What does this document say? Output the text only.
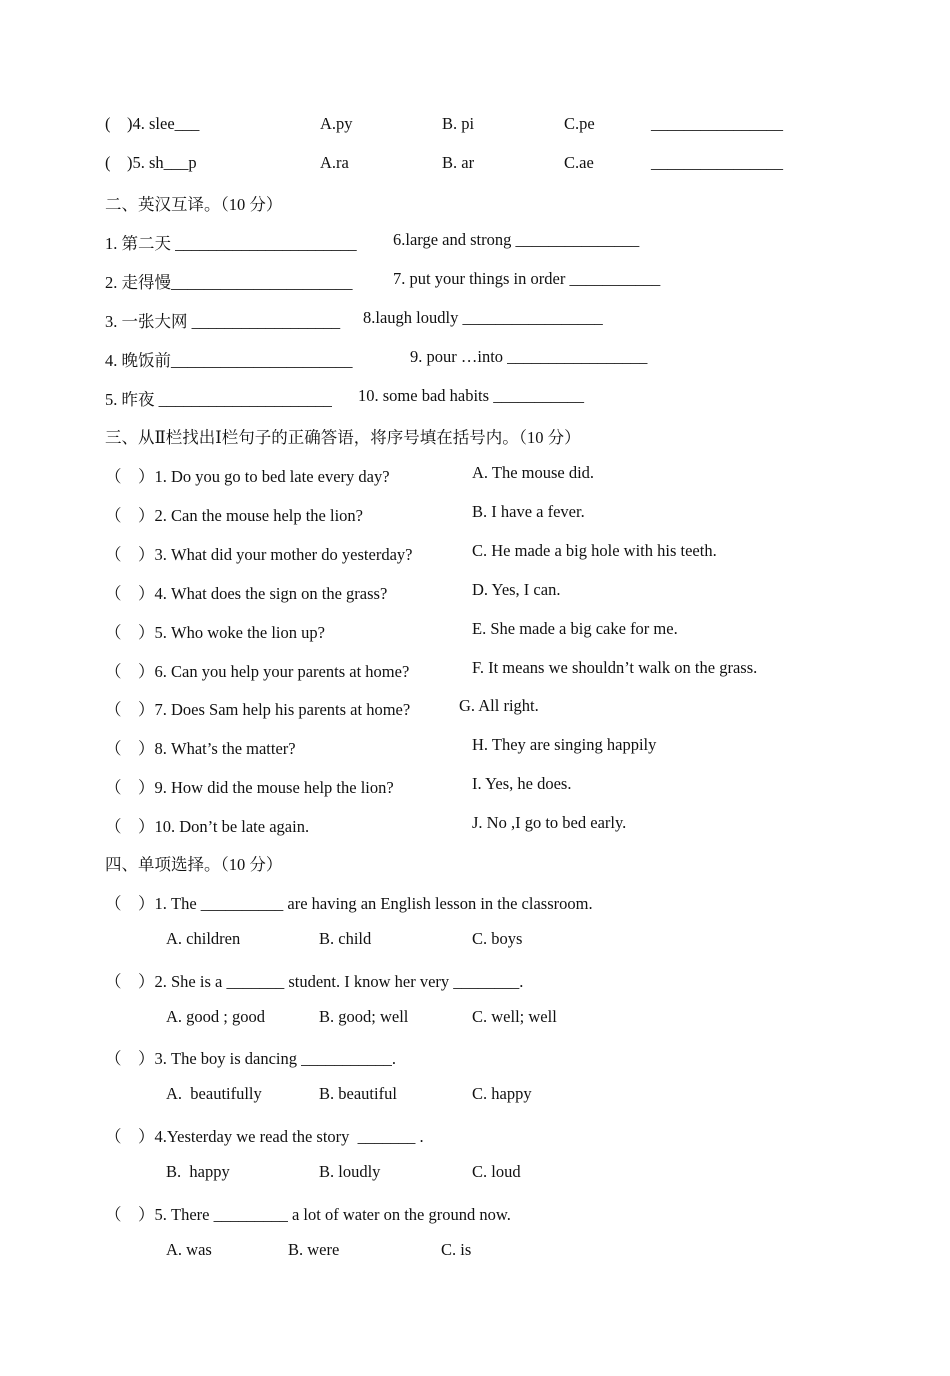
(    )4. slee___	A.py	B. pi	C.pe	________________
(    )5. sh___p	A.ra	B. ar	C.ae	________________
二、英汉互译。（10 分）
1. 第二天 ______________________ 6.large and strong _______________
2. 走得慢______________________ 7. put your things in order ___________
3. 一张大网 __________________ 8.laugh loudly _________________
4. 晚饭前______________________	9. pour …into _________________
5. 昨夜 _____________________ 10. some bad habits ___________
三、从Ⅱ栏找出Ⅰ栏句子的正确答语，将序号填在括号内。（10 分）
（    ）1. Do you go to bed late every day?	A. The mouse did.
（    ）2. Can the mouse help the lion?	B. I have a fever.
（    ）3. What did your mother do yesterday?	C. He made a big hole with his teeth.
（    ）4. What does the sign on the grass?	D. Yes, I can.
（    ）5. Who woke the lion up?	E. She made a big cake for me.
（    ）6. Can you help your parents at home?	F. It means we shouldn’t walk on the grass.
（    ）7. Does Sam help his parents at home?	G. All right.
（    ）8. What’s the matter?	H. They are singing happily
（    ）9. How did the mouse help the lion?	I. Yes, he does.
（    ）10. Don’t be late again.	J. No ,I go to bed early.
四、单项选择。（10 分）
（    ）1. The __________ are having an English lesson in the classroom.
A. children	B. child	C. boys
（    ）2. She is a _______ student. I know her very ________.
A. good ; good	B. good; well	C. well; well
（    ）3. The boy is dancing ___________.
A.  beautifully	B. beautiful	C. happy
（    ）4.Yesterday we read the story  _______ .
B.  happy	B. loudly	C. loud
（    ）5. There _________ a lot of water on the ground now.
A. was	B. were	C. is
